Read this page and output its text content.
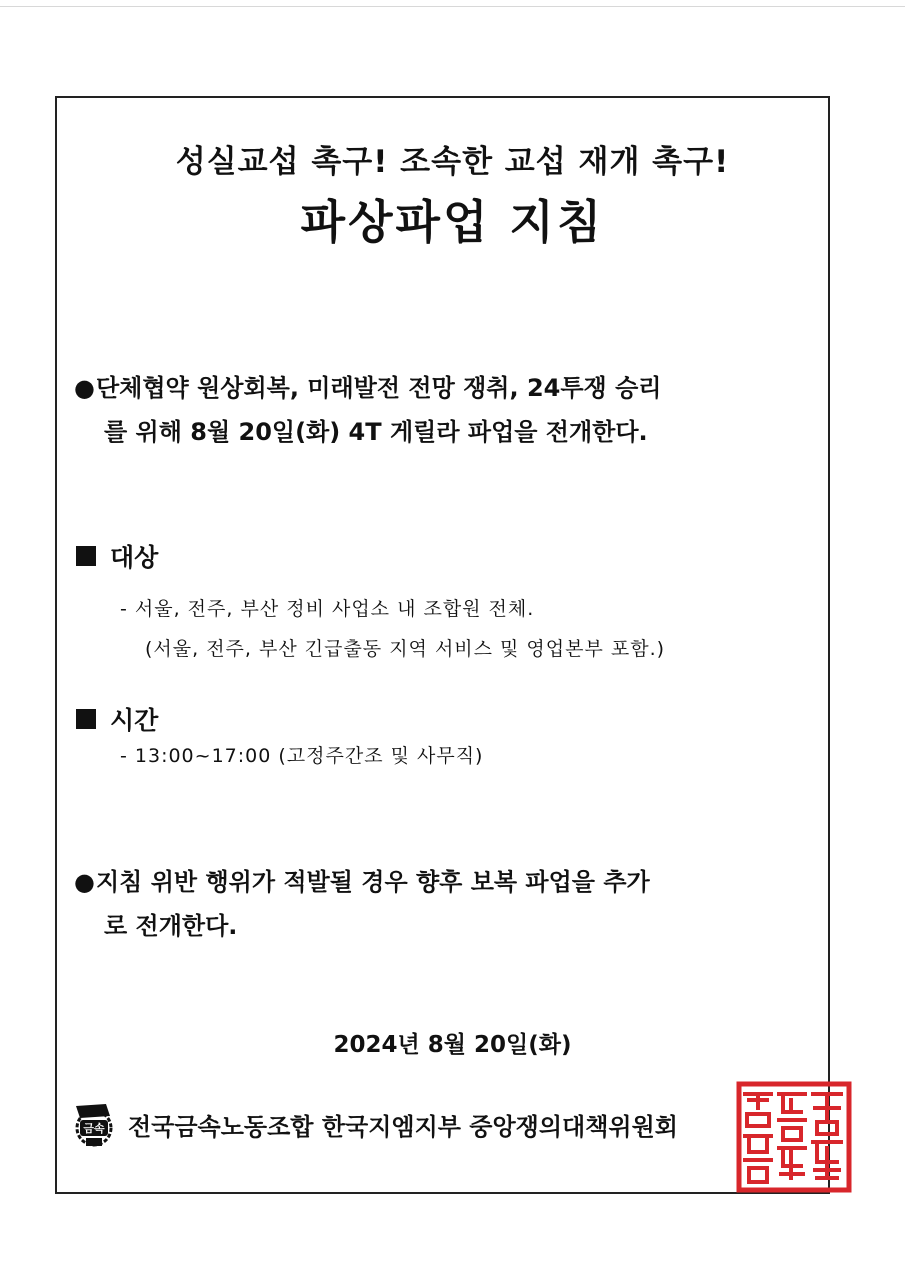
성실교섭 촉구! 조속한 교섭 재개 촉구!
파상파업 지침
●단체협약 원상회복, 미래발전 전망 쟁취, 24투쟁 승리
를 위해 8월 20일(화) 4T 게릴라 파업을 전개한다.
대상
- 서울, 전주, 부산 정비 사업소 내 조합원 전체.
(서울, 전주, 부산 긴급출동 지역 서비스 및 영업본부 포함.)
시간
- 13:00~17:00 (고정주간조 및 사무직)
●지침 위반 행위가 적발될 경우 향후 보복 파업을 추가
로 전개한다.
2024년 8월 20일(화)
금속 전국금속노동조합 한국지엠지부 중앙쟁의대책위원회
